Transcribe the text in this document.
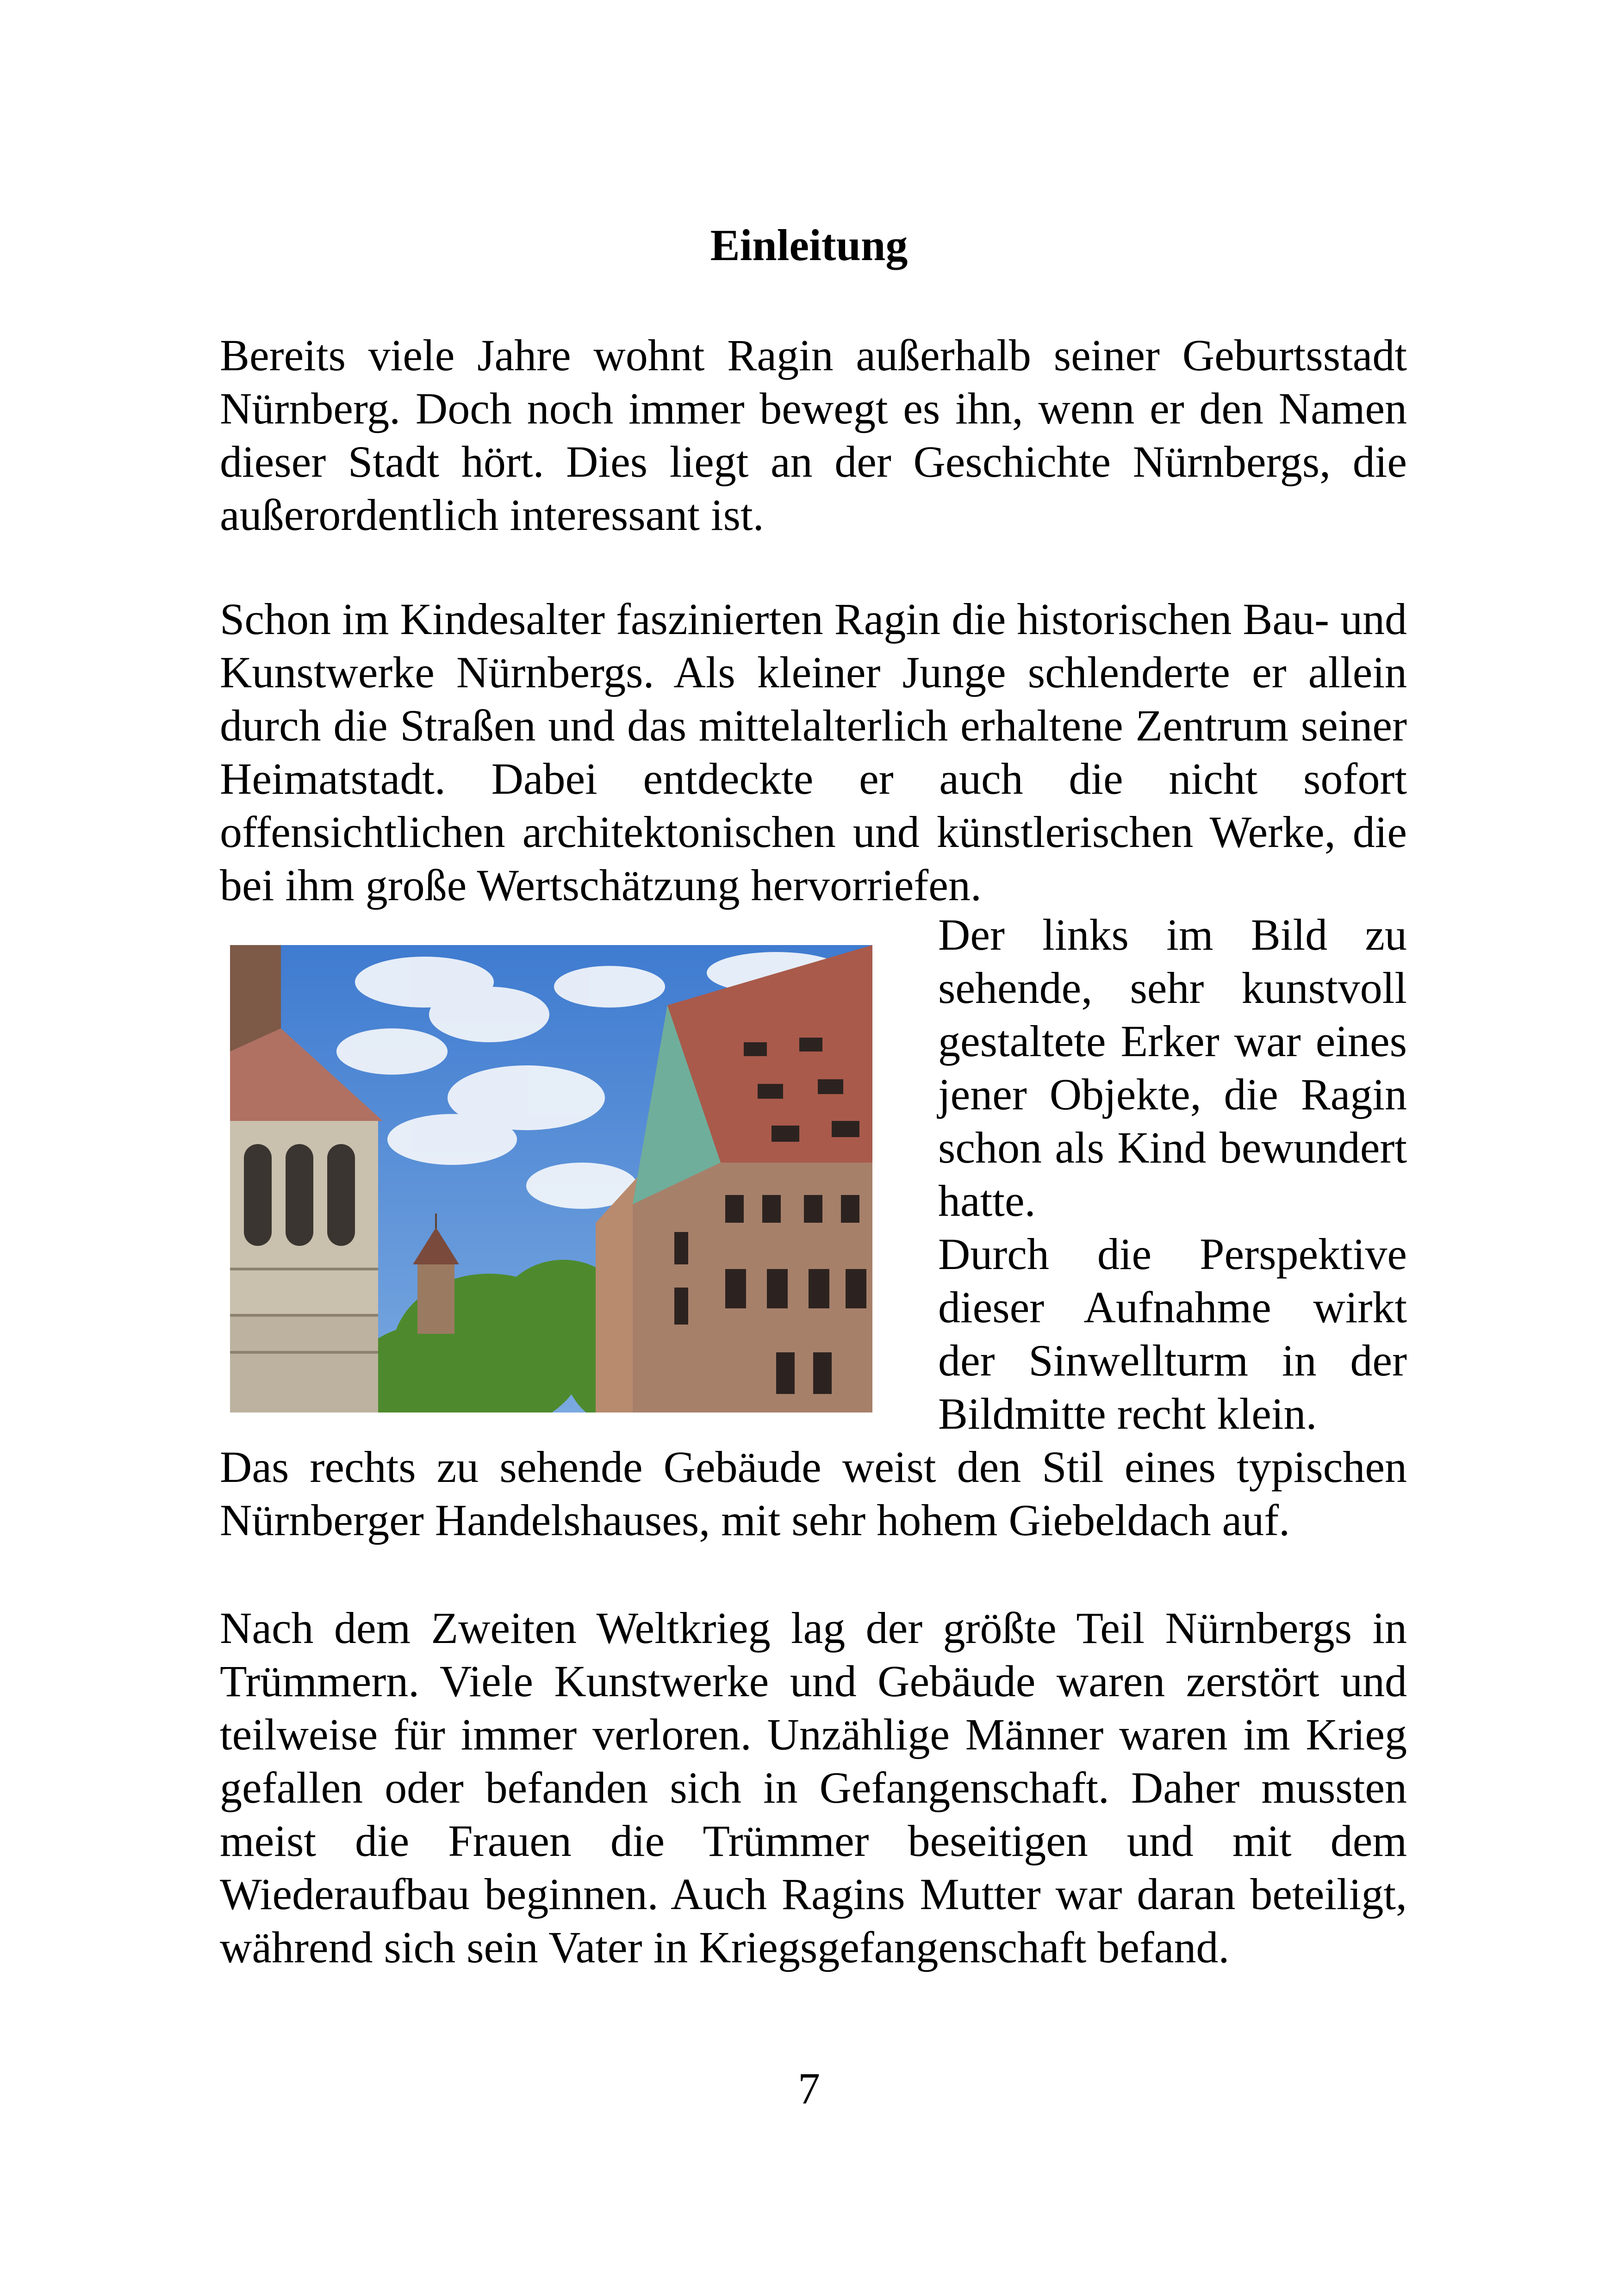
Einleitung

Bereits viele Jahre wohnt Ragin außerhalb seiner Geburtsstadt Nürnberg. Doch noch immer bewegt es ihn, wenn er den Namen dieser Stadt hört. Dies liegt an der Geschichte Nürnbergs, die außerordentlich interessant ist.

Schon im Kindesalter faszinierten Ragin die historischen Bau- und Kunstwerke Nürnbergs. Als kleiner Junge schlenderte er allein durch die Straßen und das mittelalterlich erhaltene Zentrum seiner Heimatstadt. Dabei entdeckte er auch die nicht sofort offensichtlichen architektonischen und künstlerischen Werke, die bei ihm große Wertschätzung hervorriefen.

Der links im Bild zu sehende, sehr kunstvoll gestaltete Erker war eines jener Objekte, die Ragin schon als Kind bewundert hatte.

Durch die Perspektive dieser Aufnahme wirkt der Sinwellturm in der Bildmitte recht klein.

Das rechts zu sehende Gebäude weist den Stil eines typischen Nürnberger Handelshauses, mit sehr hohem Giebeldach auf.

Nach dem Zweiten Weltkrieg lag der größte Teil Nürnbergs in Trümmern. Viele Kunstwerke und Gebäude waren zerstört und teilweise für immer verloren. Unzählige Männer waren im Krieg gefallen oder befanden sich in Gefangenschaft. Daher mussten meist die Frauen die Trümmer beseitigen und mit dem Wiederaufbau beginnen. Auch Ragins Mutter war daran beteiligt, während sich sein Vater in Kriegsgefangenschaft befand.

7
